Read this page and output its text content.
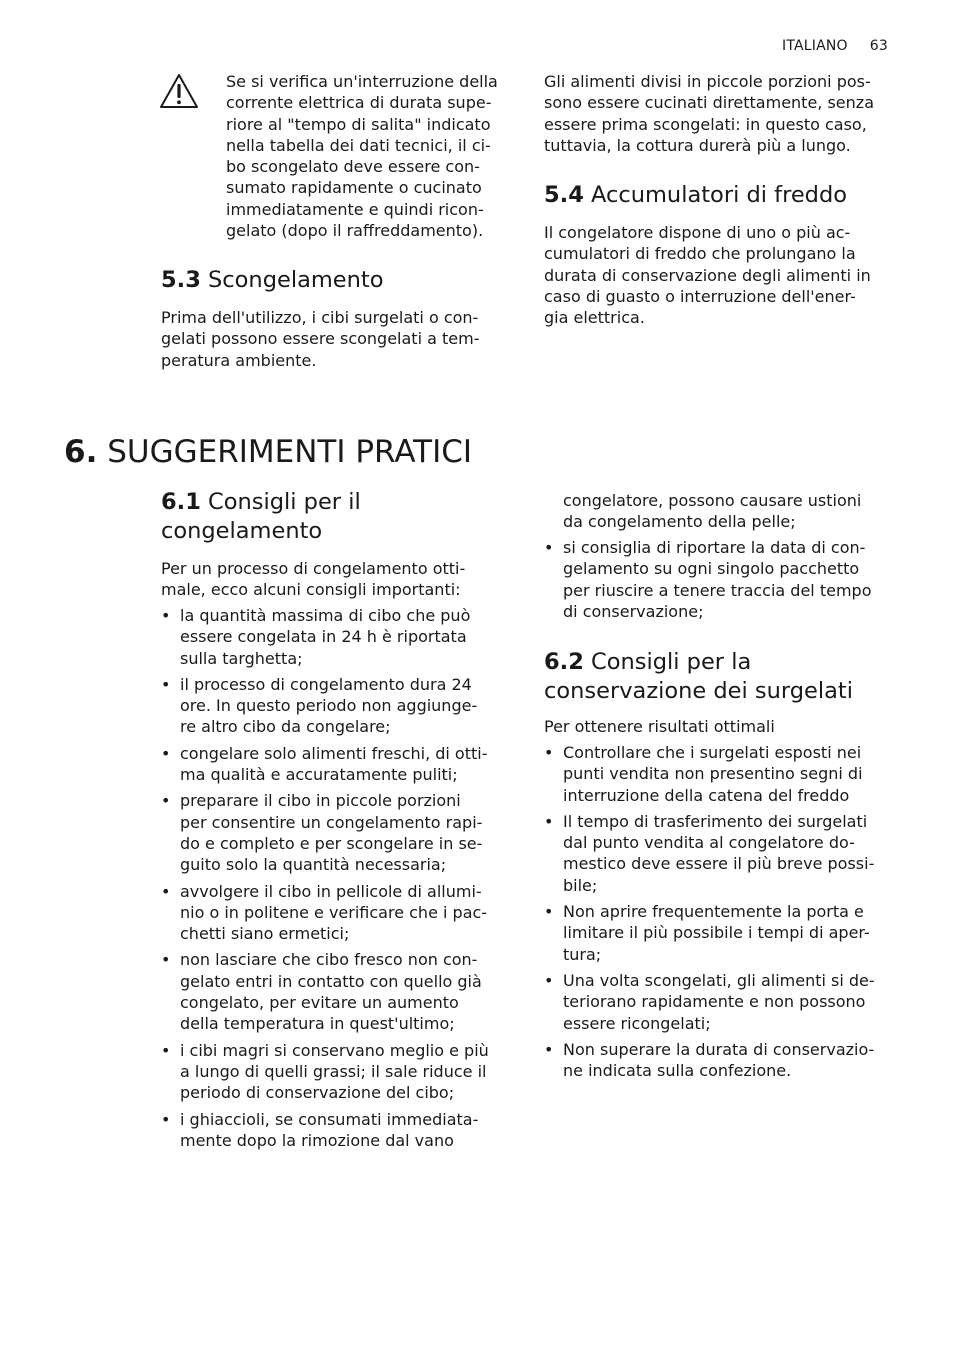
ITALIANO 63

Se si verifica un'interruzione della
corrente elettrica di durata supe-
riore al "tempo di salita" indicato
nella tabella dei dati tecnici, il ci-
bo scongelato deve essere con-
sumato rapidamente o cucinato
immediatamente e quindi ricon-
gelato (dopo il raffreddamento).

5.3 Scongelamento

Prima dell'utilizzo, i cibi surgelati o con-
gelati possono essere scongelati a tem-
peratura ambiente.

Gli alimenti divisi in piccole porzioni pos-
sono essere cucinati direttamente, senza
essere prima scongelati: in questo caso,
tuttavia, la cottura durerà più a lungo.

5.4 Accumulatori di freddo

Il congelatore dispone di uno o più ac-
cumulatori di freddo che prolungano la
durata di conservazione degli alimenti in
caso di guasto o interruzione dell'ener-
gia elettrica.

6. SUGGERIMENTI PRATICI
6.1 Consigli per il
congelamento

Per un processo di congelamento otti-
male, ecco alcuni consigli importanti:

• la quantità massima di cibo che può
essere congelata in 24 h è riportata
sulla targhetta;
• il processo di congelamento dura 24
ore. In questo periodo non aggiunge-
re altro cibo da congelare;
• congelare solo alimenti freschi, di otti-
ma qualità e accuratamente puliti;
• preparare il cibo in piccole porzioni
per consentire un congelamento rapi-
do e completo e per scongelare in se-
guito solo la quantità necessaria;
• avvolgere il cibo in pellicole di allumi-
nio o in politene e verificare che i pac-
chetti siano ermetici;
• non lasciare che cibo fresco non con-
gelato entri in contatto con quello già
congelato, per evitare un aumento
della temperatura in quest'ultimo;
• i cibi magri si conservano meglio e più
a lungo di quelli grassi; il sale riduce il
periodo di conservazione del cibo;
• i ghiaccioli, se consumati immediata-
mente dopo la rimozione dal vano

congelatore, possono causare ustioni
da congelamento della pelle;

• si consiglia di riportare la data di con-
gelamento su ogni singolo pacchetto
per riuscire a tenere traccia del tempo
di conservazione;
6.2 Consigli per la
conservazione dei surgelati

Per ottenere risultati ottimali

• Controllare che i surgelati esposti nei
punti vendita non presentino segni di
interruzione della catena del freddo
• Il tempo di trasferimento dei surgelati
dal punto vendita al congelatore do-
mestico deve essere il più breve possi-
bile;
• Non aprire frequentemente la porta e
limitare il più possibile i tempi di aper-
tura;
• Una volta scongelati, gli alimenti si de-
teriorano rapidamente e non possono
essere ricongelati;
• Non superare la durata di conservazio-
ne indicata sulla confezione.
